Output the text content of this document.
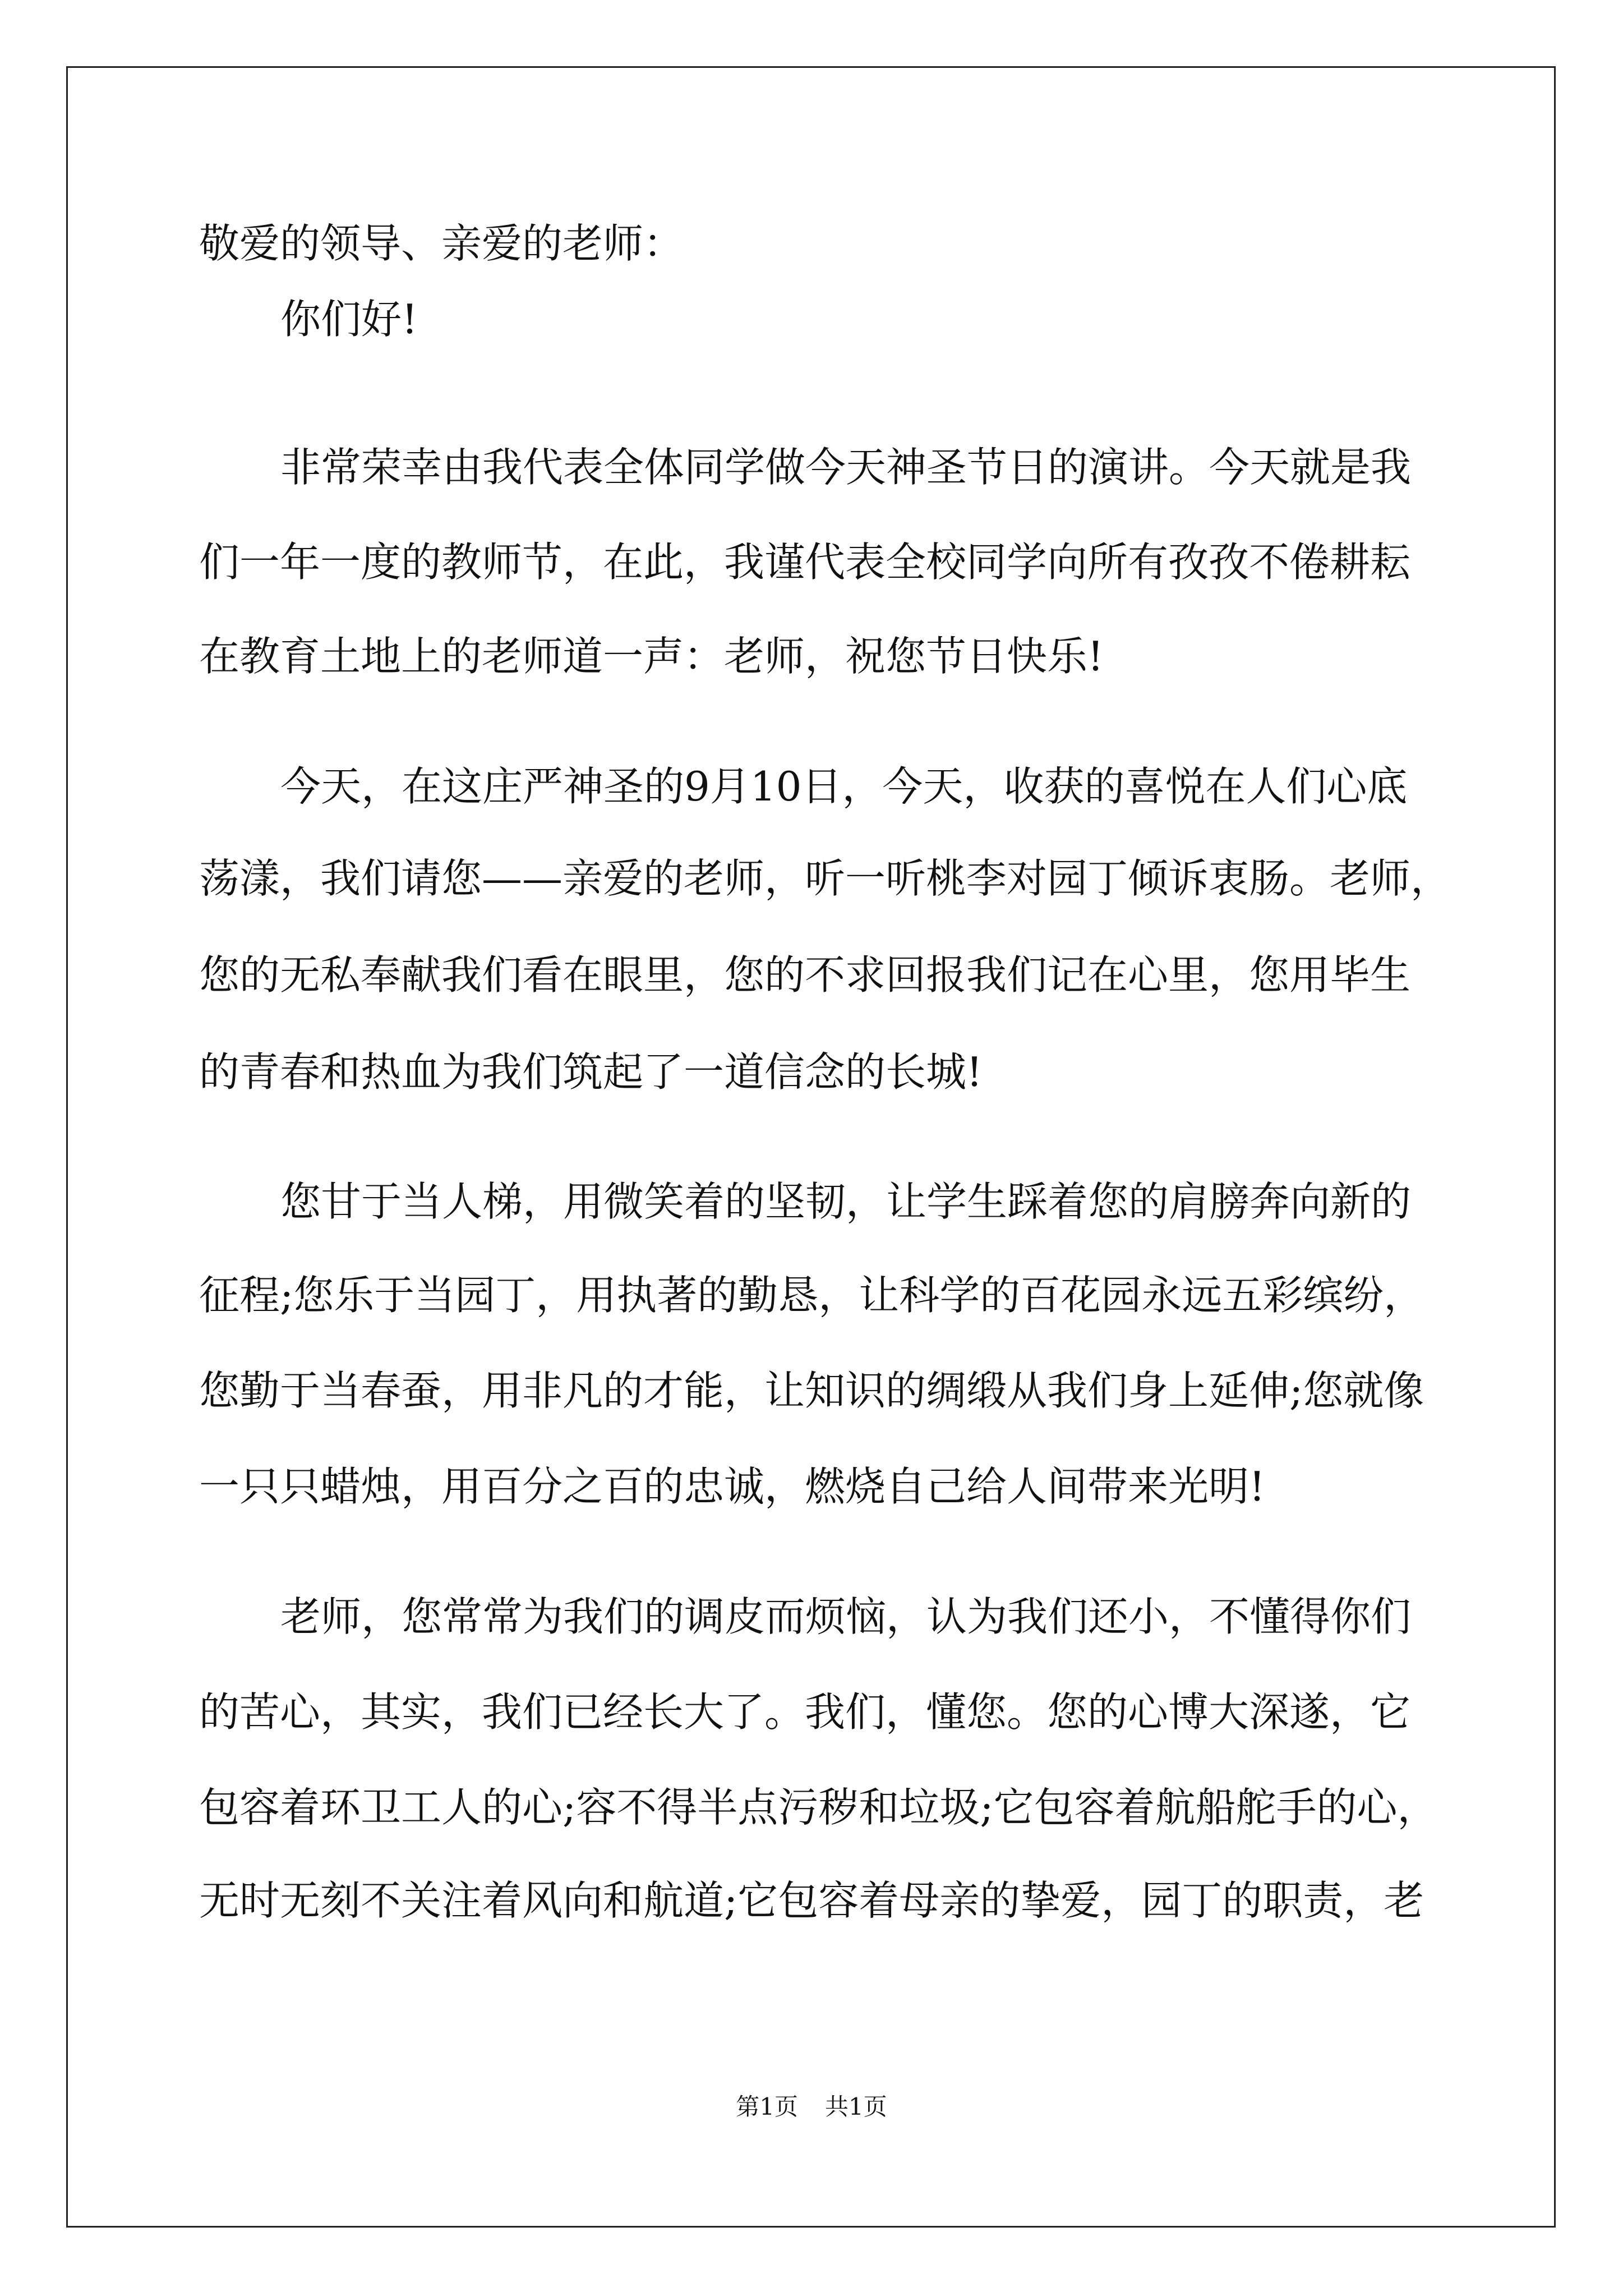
敬爱的领导、亲爱的老师：
你们好!
非常荣幸由我代表全体同学做今天神圣节日的演讲。今天就是我
们一年一度的教师节，在此，我谨代表全校同学向所有孜孜不倦耕耘
在教育土地上的老师道一声：老师，祝您节日快乐!
今天，在这庄严神圣的9月10日，今天，收获的喜悦在人们心底
荡漾，我们请您——亲爱的老师，听一听桃李对园丁倾诉衷肠。老师，
您的无私奉献我们看在眼里，您的不求回报我们记在心里，您用毕生
的青春和热血为我们筑起了一道信念的长城!
您甘于当人梯，用微笑着的坚韧，让学生踩着您的肩膀奔向新的
征程;您乐于当园丁，用执著的勤恳，让科学的百花园永远五彩缤纷，
您勤于当春蚕，用非凡的才能，让知识的绸缎从我们身上延伸;您就像
一只只蜡烛，用百分之百的忠诚，燃烧自己给人间带来光明!
老师，您常常为我们的调皮而烦恼，认为我们还小，不懂得你们
的苦心，其实，我们已经长大了。我们，懂您。您的心博大深遂，它
包容着环卫工人的心;容不得半点污秽和垃圾;它包容着航船舵手的心，
无时无刻不关注着风向和航道;它包容着母亲的挚爱，园丁的职责，老
第1页 共1页
